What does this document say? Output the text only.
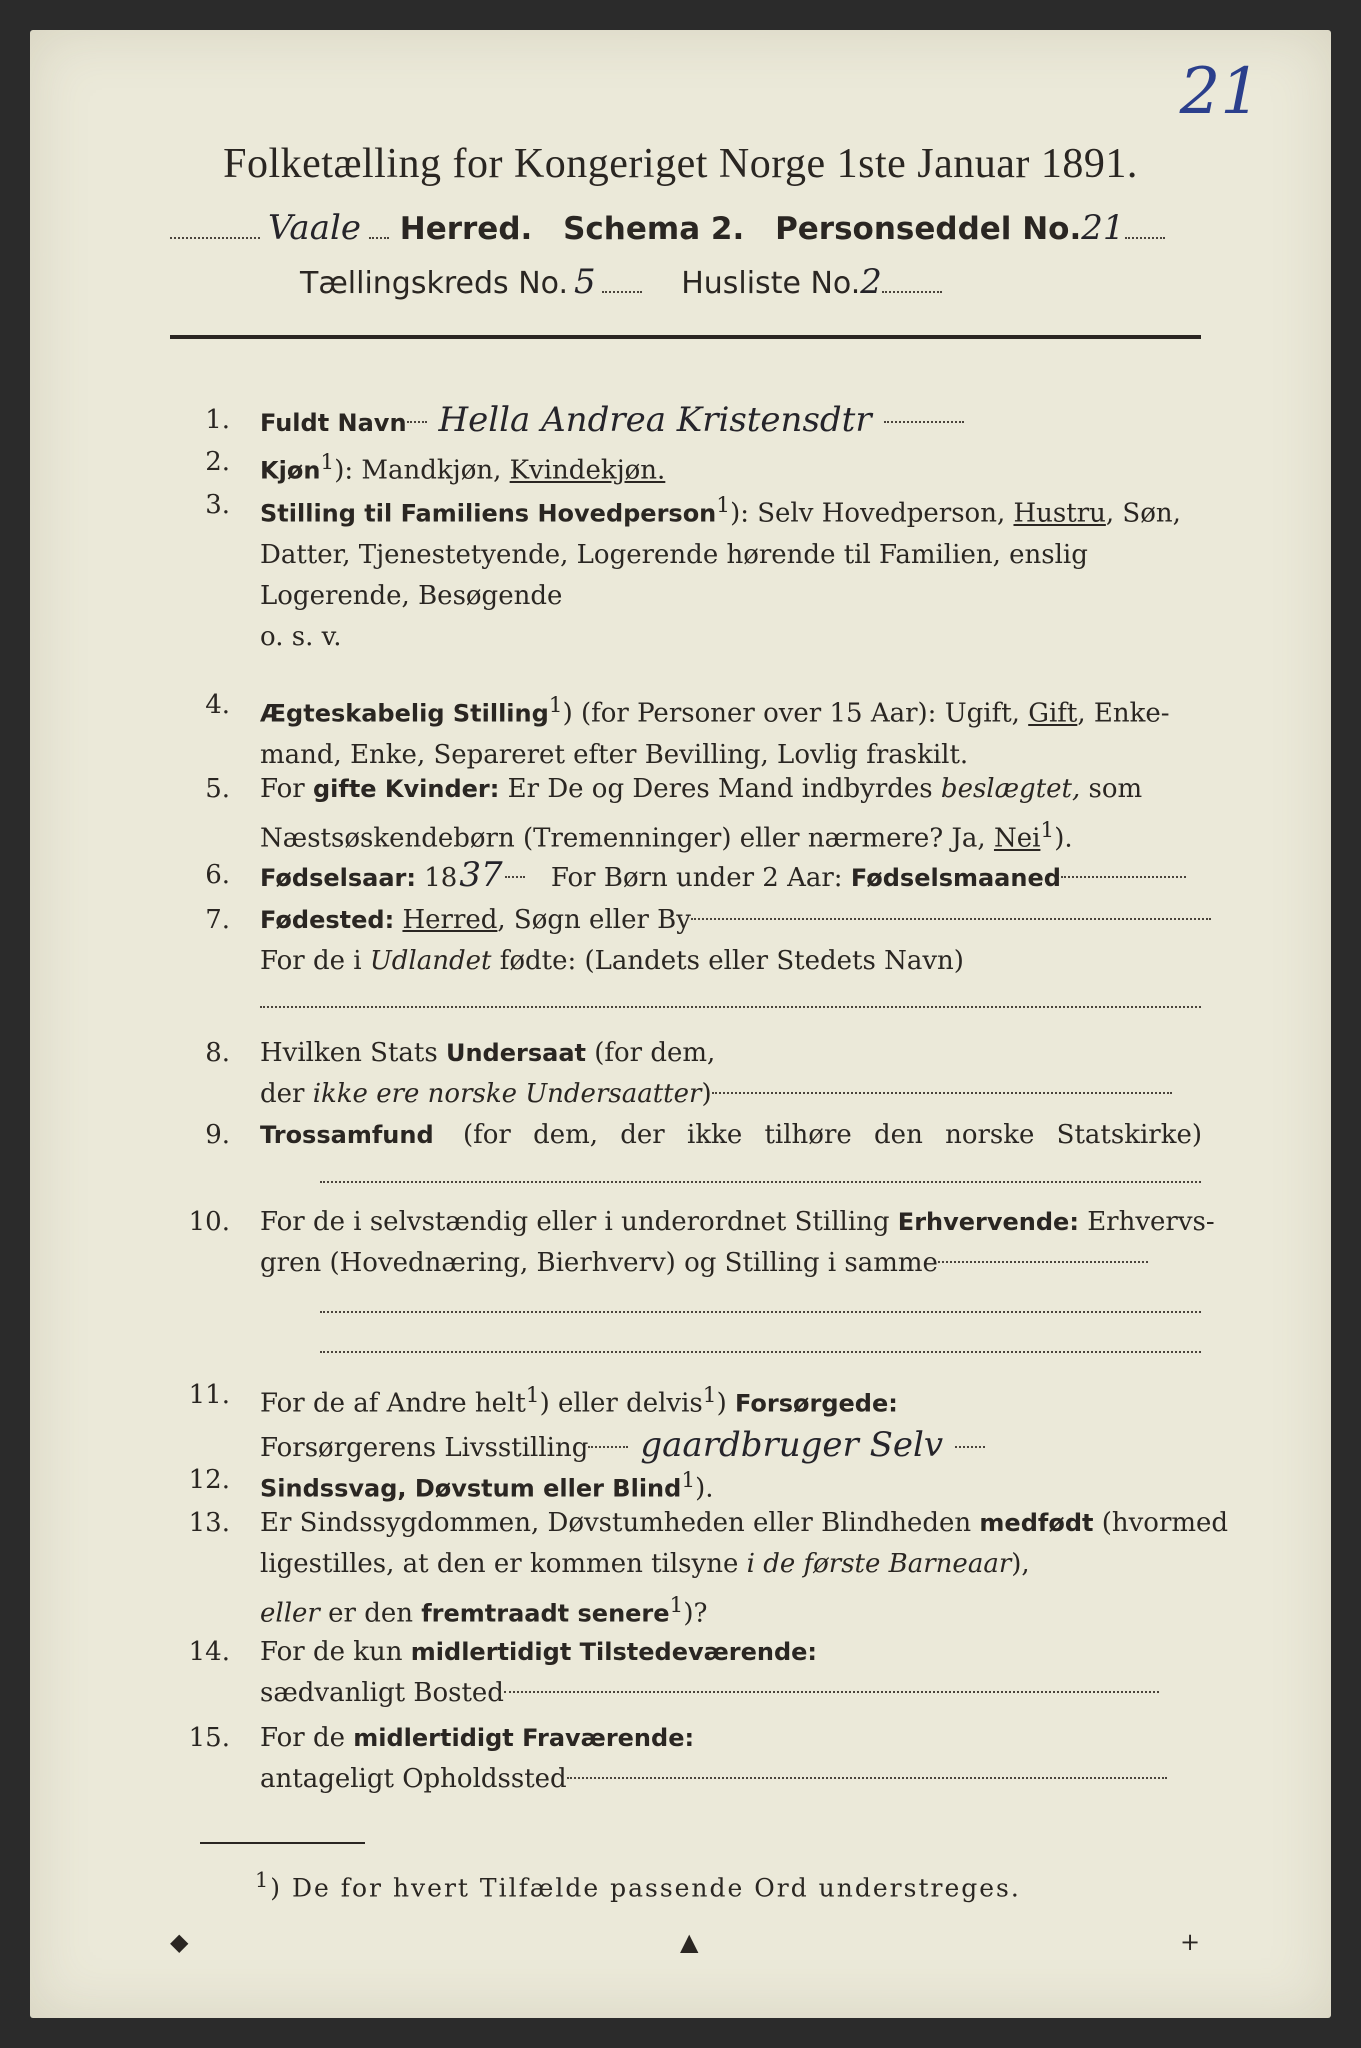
21
Folketælling for Kongeriget Norge 1ste Januar 1891.
Vaale Herred. Schema 2. Personseddel No.21
Tællingskreds No. 5	Husliste No.2
1. Fuldt Navn Hella Andrea Kristensdtr
2. Kjøn$^1$): Mandkjøn, Kvindekjøn.
3. Stilling til Familiens Hovedperson$^1$): Selv Hovedperson, Hustru, Søn,
Datter, Tjenestetyende, Logerende hørende til Familien, enslig
Logerende, Besøgende
o. s. v.
4. Ægteskabelig Stilling$^1$) (for Personer over 15 Aar): Ugift, Gift, Enke-
mand, Enke, Separeret efter Bevilling, Lovlig fraskilt.
5. For gifte Kvinder: Er De og Deres Mand indbyrdes beslægtet, som
Næstsøskendebørn (Tremenninger) eller nærmere? Ja, Nei$^1$).
6. Fødselsaar: 1837 For Børn under 2 Aar: Fødselsmaaned
7. Fødested: Herred, Søgn eller By
For de i Udlandet fødte: (Landets eller Stedets Navn)
8. Hvilken Stats Undersaat (for dem,
der ikke ere norske Undersaatter)
9. Trossamfund (for dem, der ikke tilhøre den norske Statskirke)
10. For de i selvstændig eller i underordnet Stilling Erhvervende: Erhvervs-
gren (Hovednæring, Bierhverv) og Stilling i samme
11. For de af Andre helt$^1$) eller delvis$^1$) Forsørgede:
Forsørgerens Livsstilling gaardbruger Selv
12. Sindssvag, Døvstum eller Blind$^1$).
13. Er Sindssygdommen, Døvstumheden eller Blindheden medfødt (hvormed
ligestilles, at den er kommen tilsyne i de første Barneaar),
eller er den fremtraadt senere$^1$)?
14. For de kun midlertidigt Tilstedeværende:
sædvanligt Bosted
15. For de midlertidigt Fraværende:
antageligt Opholdssted
$^1$) De for hvert Tilfælde passende Ord understreges.
◆	▲	+
